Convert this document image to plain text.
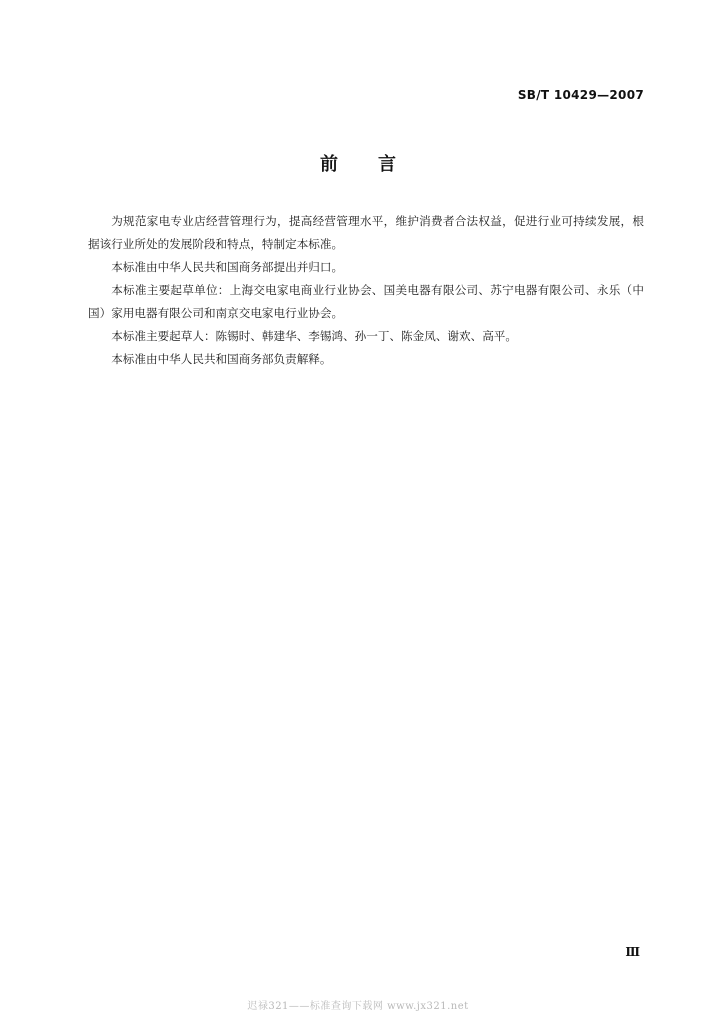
SB/T 10429—2007
前言

为规范家电专业店经营管理行为，提高经营管理水平，维护消费者合法权益，促进行业可持续发展，根据该行业所处的发展阶段和特点，特制定本标准。

本标准由中华人民共和国商务部提出并归口。

本标准主要起草单位：上海交电家电商业行业协会、国美电器有限公司、苏宁电器有限公司、永乐（中国）家用电器有限公司和南京交电家电行业协会。

本标准主要起草人：陈锡时、韩建华、李锡鸿、孙一丁、陈金凤、谢欢、高平。

本标准由中华人民共和国商务部负责解释。

Ⅲ
迟禄321——标准查询下载网 www.jx321.net
